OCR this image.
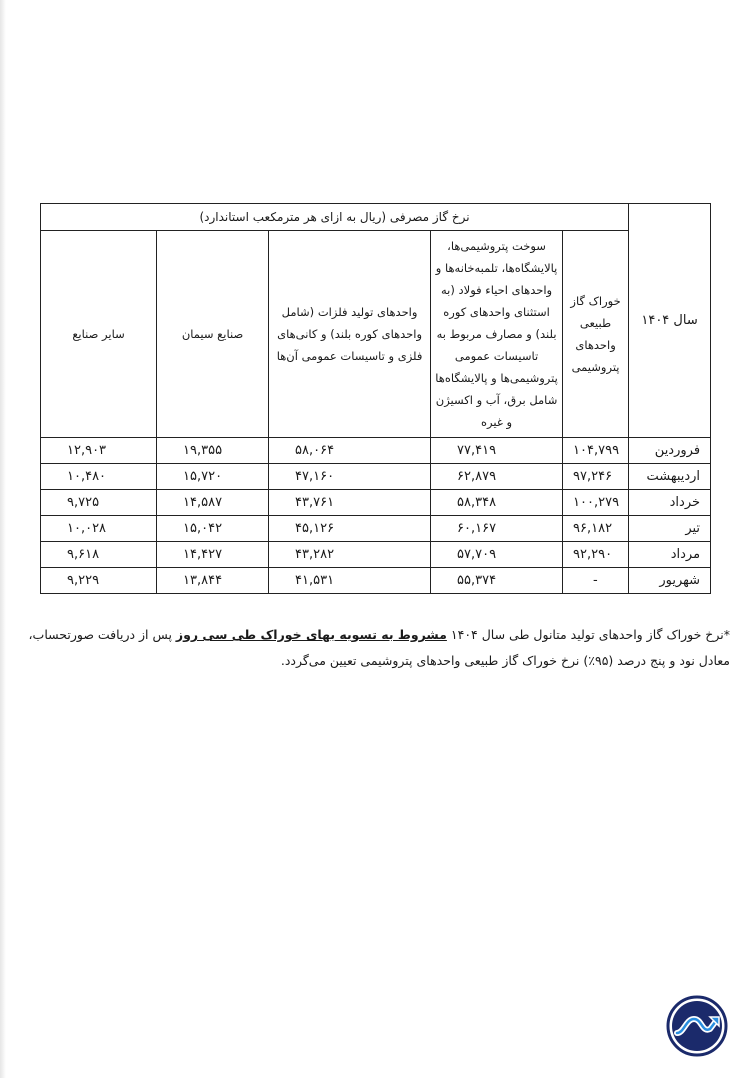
سال ۱۴۰۴	نرخ گاز مصرفی (ریال به ازای هر مترمکعب استاندارد)				
	خوراک گاز طبیعی واحدهای پتروشیمی	سوخت پتروشیمی‌ها، پالایشگاه‌ها، تلمبه‌خانه‌ها و واحدهای احیاء فولاد (به استثنای واحدهای کوره بلند) و مصارف مربوط به تاسیسات عمومی پتروشیمی‌ها و پالایشگاه‌ها شامل برق، آب و اکسیژن و غیره	واحدهای تولید فلزات (شامل واحدهای کوره بلند) و کانی‌های فلزی و تاسیسات عمومی آن‌ها	صنایع سیمان	سایر صنایع
فروردین	۱۰۴,۷۹۹	۷۷,۴۱۹	۵۸,۰۶۴	۱۹,۳۵۵	۱۲,۹۰۳
اردیبهشت	۹۷,۲۴۶	۶۲,۸۷۹	۴۷,۱۶۰	۱۵,۷۲۰	۱۰,۴۸۰
خرداد	۱۰۰,۲۷۹	۵۸,۳۴۸	۴۳,۷۶۱	۱۴,۵۸۷	۹,۷۲۵
تیر	۹۶,۱۸۲	۶۰,۱۶۷	۴۵,۱۲۶	۱۵,۰۴۲	۱۰,۰۲۸
مرداد	۹۲,۲۹۰	۵۷,۷۰۹	۴۳,۲۸۲	۱۴,۴۲۷	۹,۶۱۸
شهریور	-	۵۵,۳۷۴	۴۱,۵۳۱	۱۳,۸۴۴	۹,۲۲۹
*نرخ خوراک گاز واحدهای تولید متانول طی سال ۱۴۰۴ مشروط به تسویه بهای خوراک طی سی روز پس از دریافت صورتحساب، معادل نود و پنج درصد (۹۵٪) نرخ خوراک گاز طبیعی واحدهای پتروشیمی تعیین می‌گردد.
